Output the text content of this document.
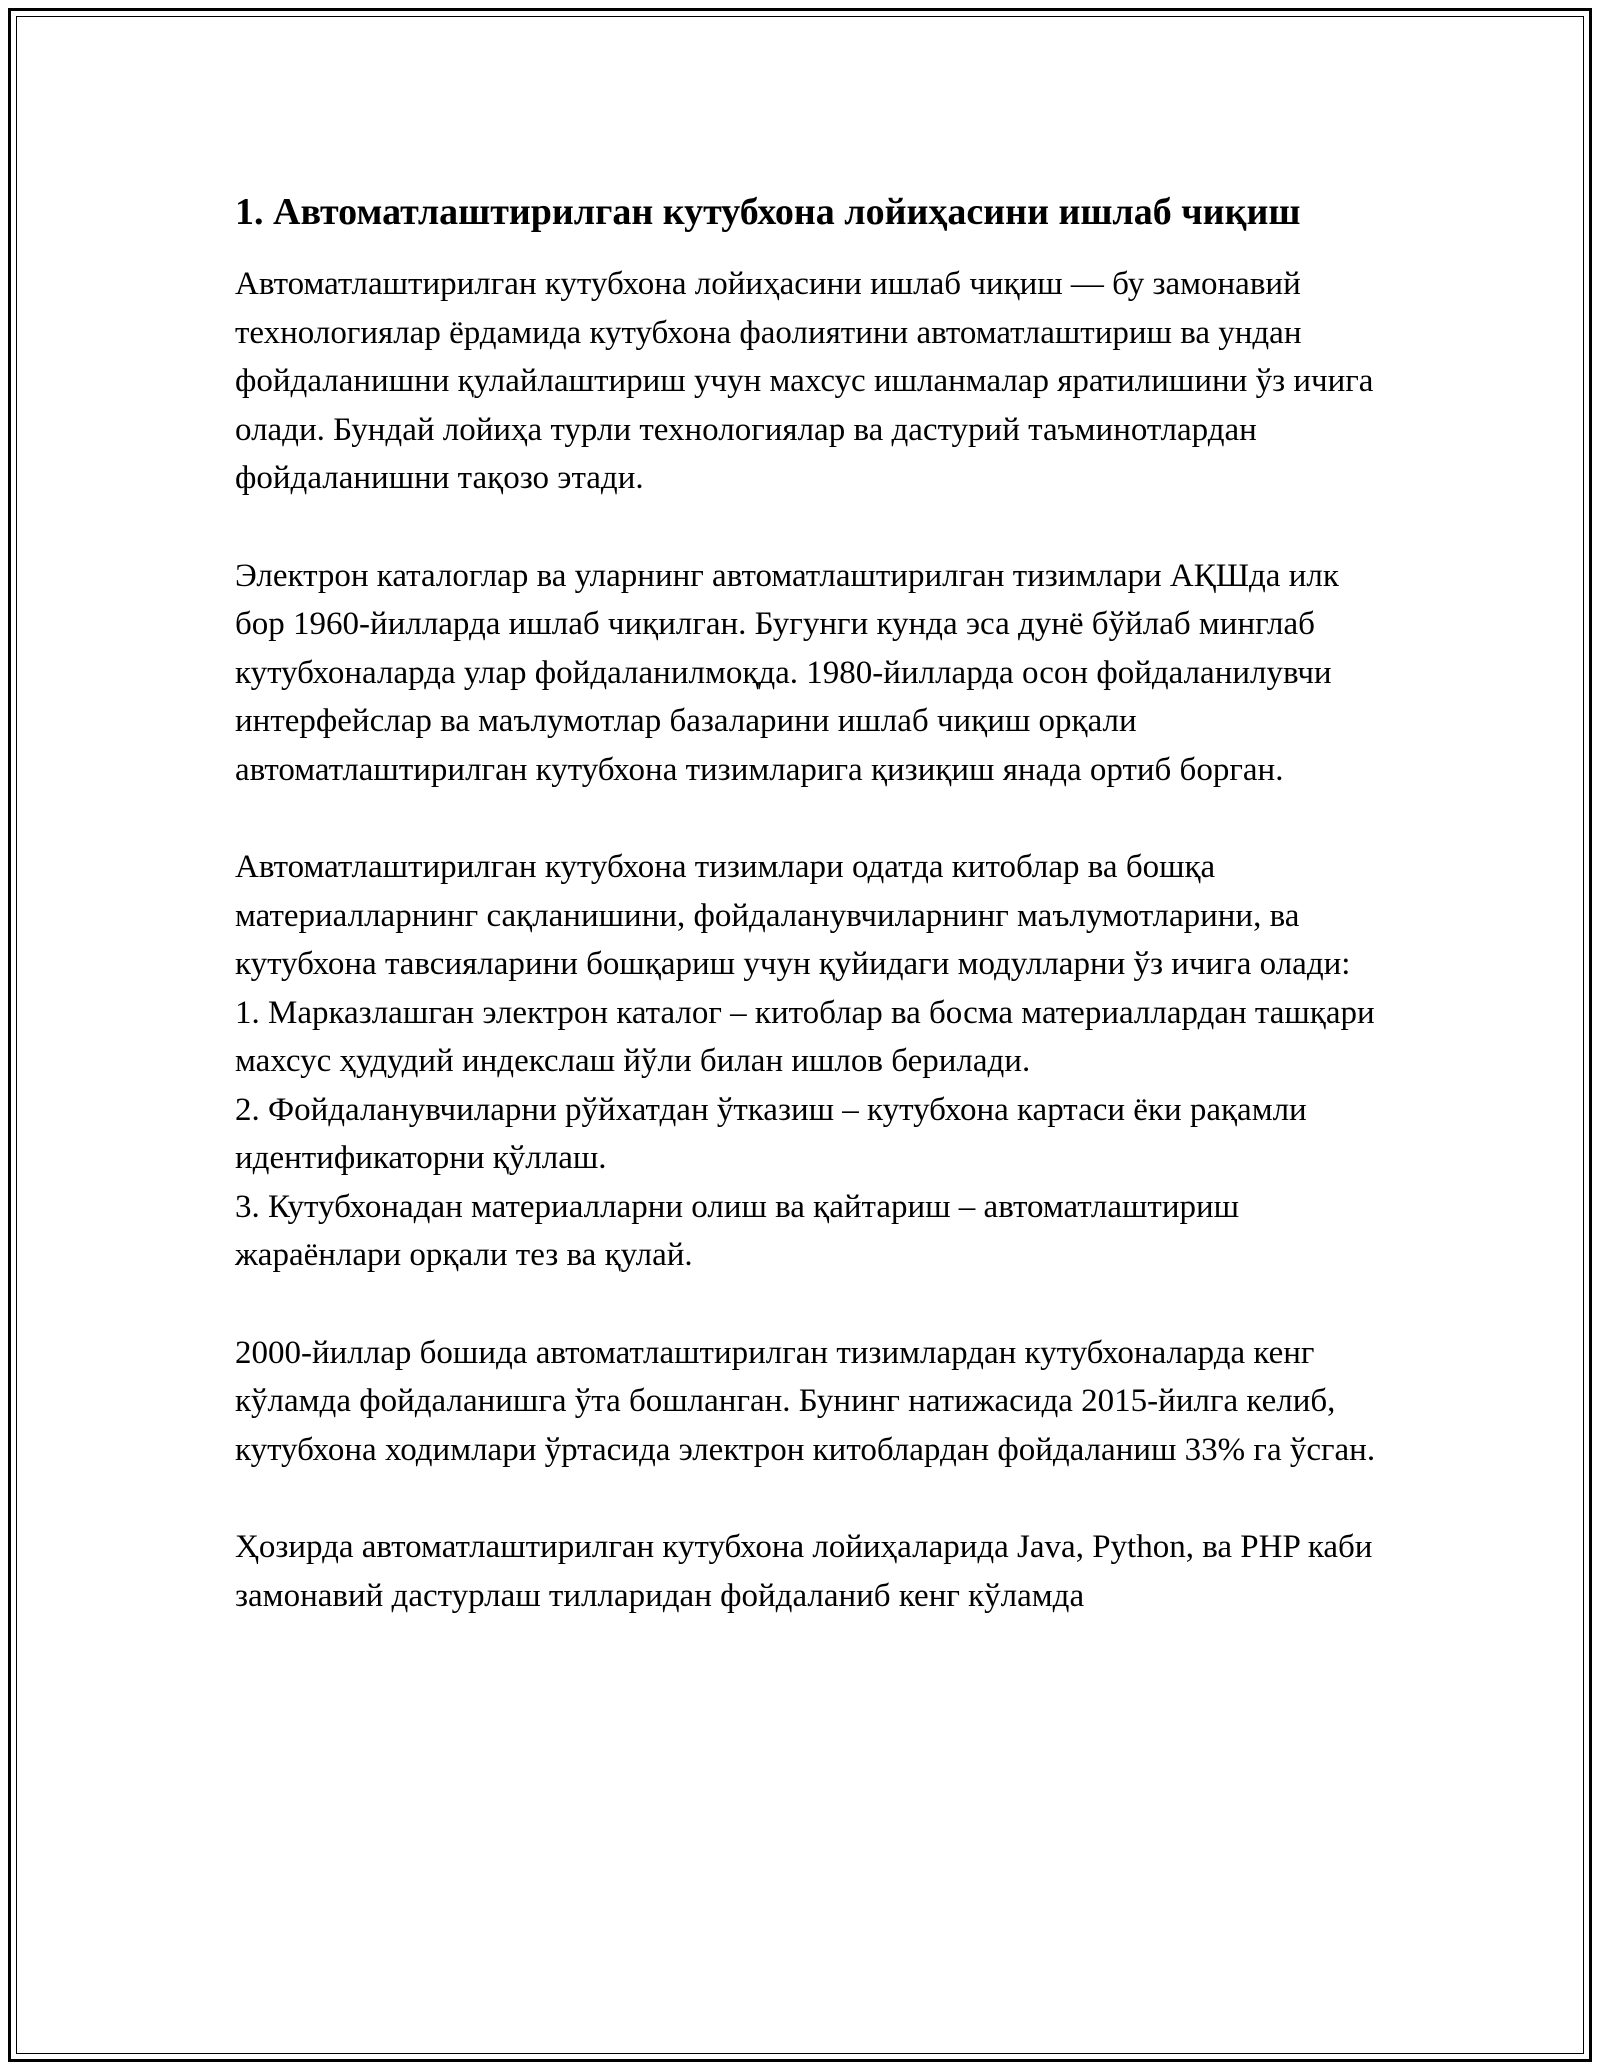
1. Автоматлаштирилган кутубхона лойиҳасини ишлаб чиқиш
Автоматлаштирилган кутубхона лойиҳасини ишлаб чиқиш — бу замонавий технологиялар ёрдамида кутубхона фаолиятини автоматлаштириш ва ундан фойдаланишни қулайлаштириш учун махсус ишланмалар яратилишини ўз ичига олади. Бундай лойиҳа турли технологиялар ва дастурий таъминотлардан фойдаланишни тақозо этади.
Электрон каталоглар ва уларнинг автоматлаштирилган тизимлари АҚШда илк бор 1960-йилларда ишлаб чиқилган. Бугунги кунда эса дунё бўйлаб минглаб кутубхоналарда улар фойдаланилмоқда. 1980-йилларда осон фойдаланилувчи интерфейслар ва маълумотлар базаларини ишлаб чиқиш орқали автоматлаштирилган кутубхона тизимларига қизиқиш янада ортиб борган.
Автоматлаштирилган кутубхона тизимлари одатда китоблар ва бошқа материалларнинг сақланишини, фойдаланувчиларнинг маълумотларини, ва кутубхона тавсияларини бошқариш учун қуйидаги модулларни ўз ичига олади:
1. Марказлашган электрон каталог – китоблар ва босма материаллардан ташқари махсус ҳудудий индекслаш йўли билан ишлов берилади.
2. Фойдаланувчиларни рўйхатдан ўтказиш – кутубхона картаси ёки рақамли идентификаторни қўллаш.
3. Кутубхонадан материалларни олиш ва қайтариш – автоматлаштириш жараёнлари орқали тез ва қулай.
2000-йиллар бошида автоматлаштирилган тизимлардан кутубхоналарда кенг кўламда фойдаланишга ўта бошланган. Бунинг натижасида 2015-йилга келиб, кутубхона ходимлари ўртасида электрон китоблардан фойдаланиш 33% га ўсган.
Ҳозирда автоматлаштирилган кутубхона лойиҳаларида Java, Python, ва PHP каби замонавий дастурлаш тилларидан фойдаланиб кенг кўламда
